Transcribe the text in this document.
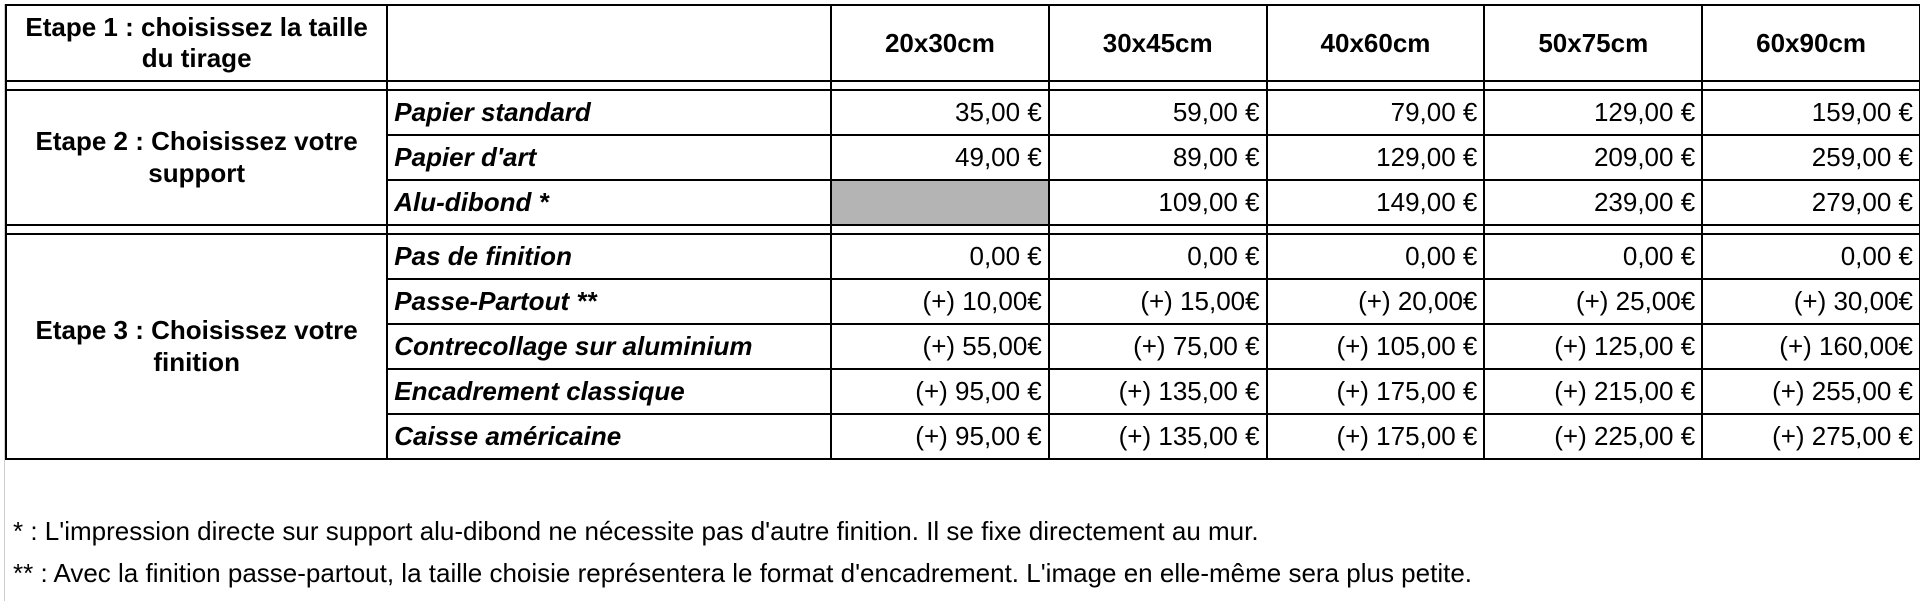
Etape 1 : choisissez la taille du tirage		20x30cm	30x45cm	40x60cm	50x75cm	60x90cm

Etape 2 : Choisissez votre support	Papier standard	35,00 €	59,00 €	79,00 €	129,00 €	159,00 €
	Papier d'art	49,00 €	89,00 €	129,00 €	209,00 €	259,00 €
	Alu-dibond *		109,00 €	149,00 €	239,00 €	279,00 €

Etape 3 : Choisissez votre finition	Pas de finition	0,00 €	0,00 €	0,00 €	0,00 €	0,00 €
	Passe-Partout **	(+) 10,00€	(+) 15,00€	(+) 20,00€	(+) 25,00€	(+) 30,00€
	Contrecollage sur aluminium	(+) 55,00€	(+) 75,00 €	(+) 105,00 €	(+) 125,00 €	(+) 160,00€
	Encadrement classique	(+) 95,00 €	(+) 135,00 €	(+) 175,00 €	(+) 215,00 €	(+) 255,00 €
	Caisse américaine	(+) 95,00 €	(+) 135,00 €	(+) 175,00 €	(+) 225,00 €	(+) 275,00 €

* : L'impression directe sur support alu-dibond ne nécessite pas d'autre finition. Il se fixe directement au mur.

** : Avec la finition passe-partout, la taille choisie représentera le format d'encadrement. L'image en elle-même sera plus petite.
